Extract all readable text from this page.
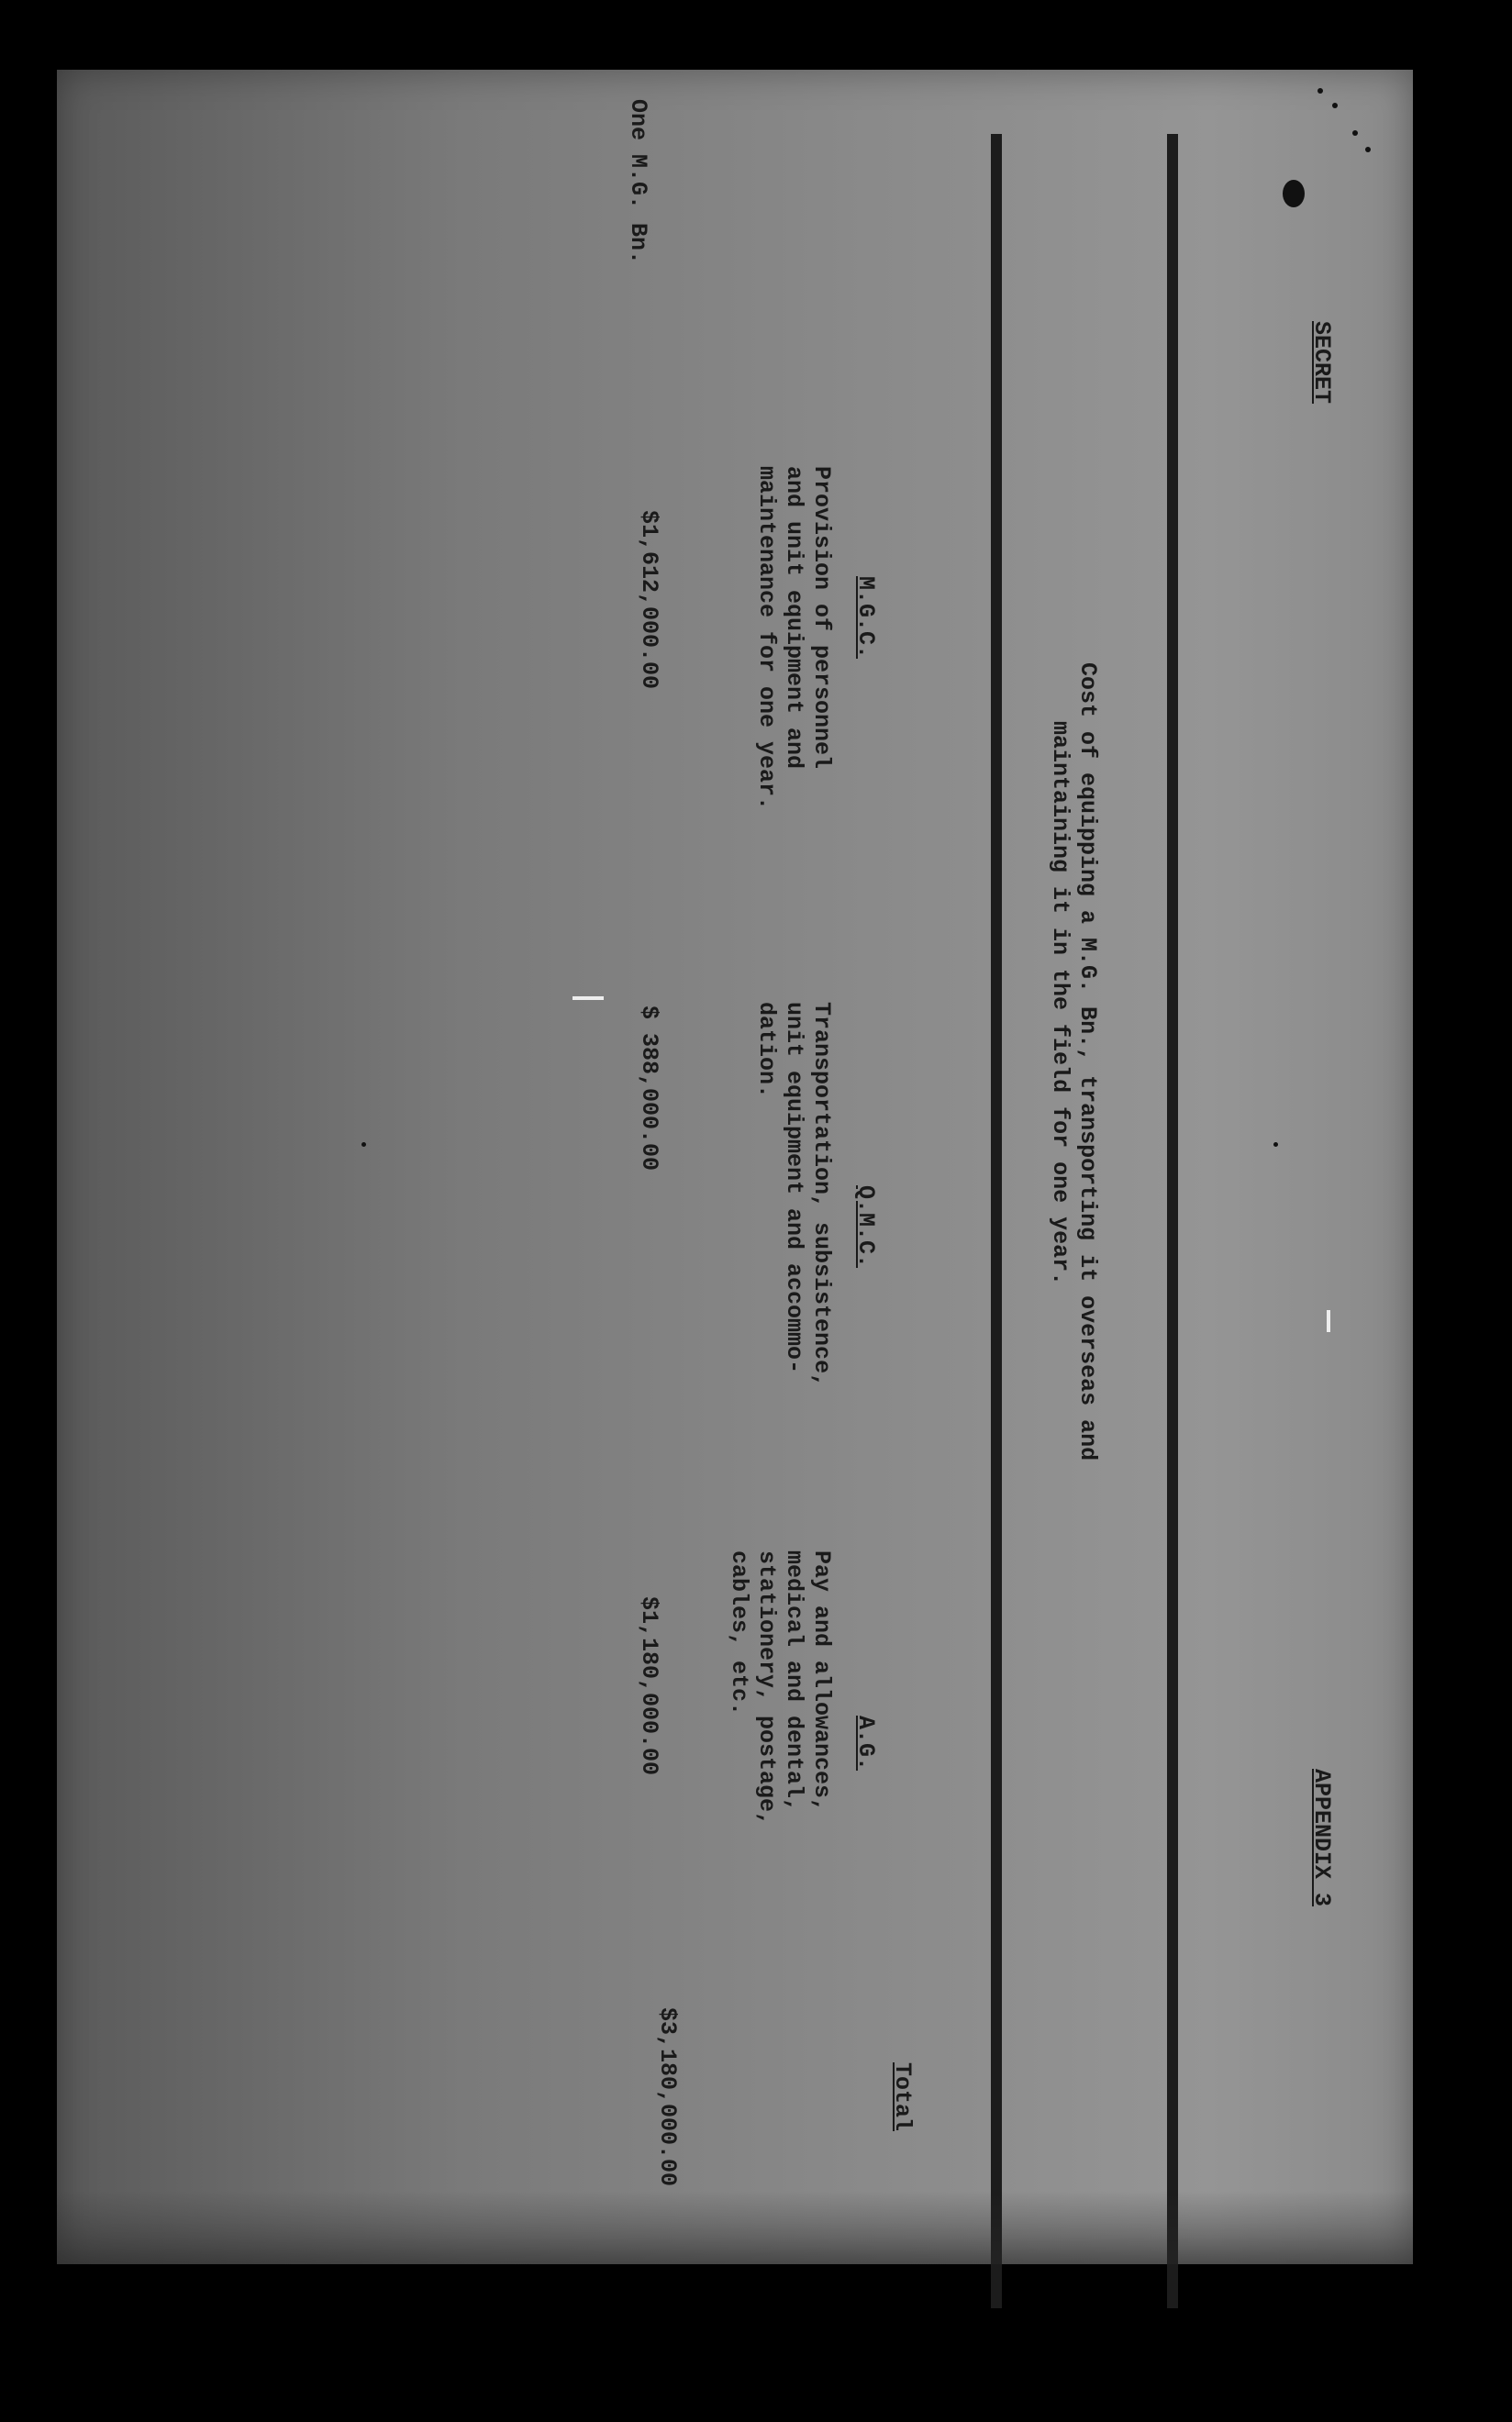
SECRET
APPENDIX 3
Cost of equipping a M.G. Bn., transporting it overseas and
maintaining it in the field for one year.
M.G.C.
Q.M.C.
A.G.
Total
Provision of personnel
and unit equipment and
maintenance for one year.
Transportation, subsistence,
unit equipment and accommo-
dation.
Pay and allowances,
medical and dental,
stationery, postage,
cables, etc.
One M.G. Bn.
$1,612,000.00
$ 388,000.00
$1,180,000.00
$3,180,000.00
